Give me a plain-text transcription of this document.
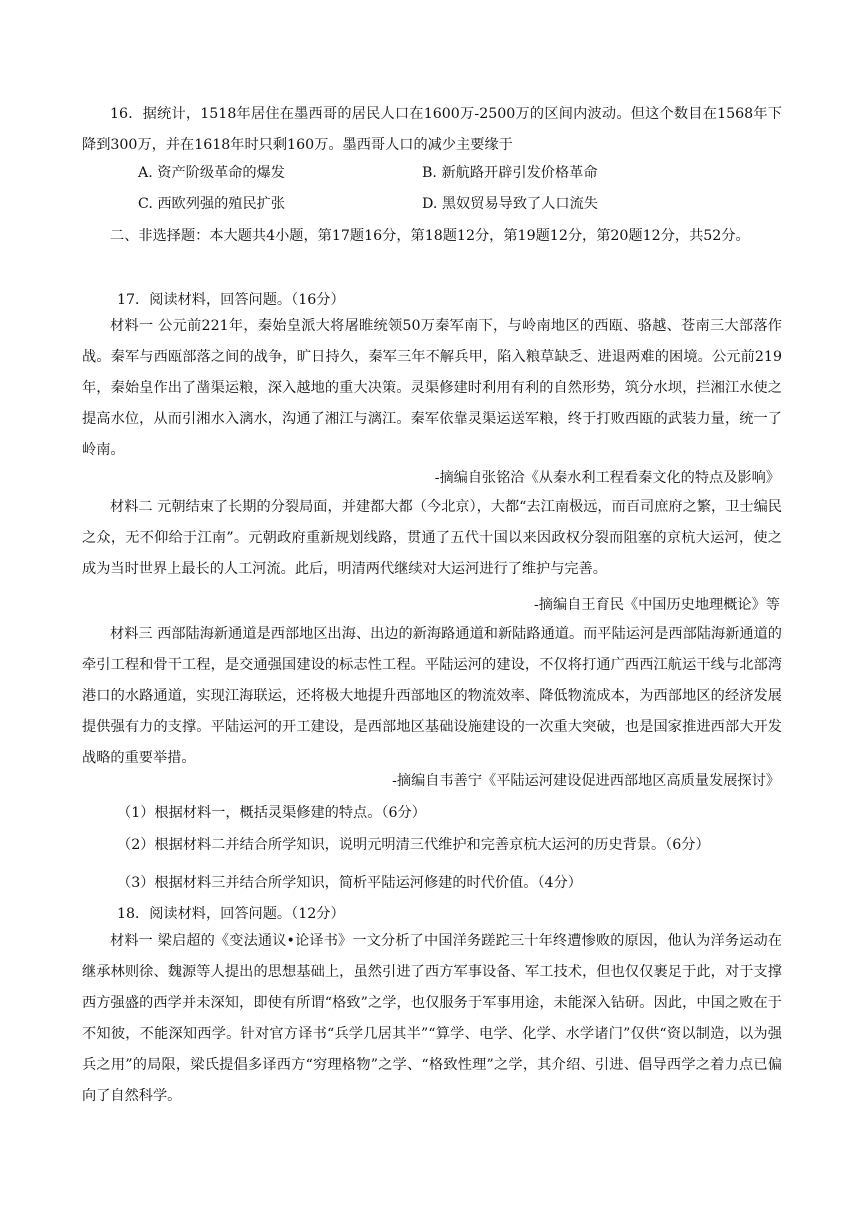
16．据统计，1518年居住在墨西哥的居民人口在1600万-2500万的区间内波动。但这个数目在1568年下降到300万，并在1618年时只剩160万。墨西哥人口的减少主要缘于

A. 资产阶级革命的爆发	B. 新航路开辟引发价格革命

C. 西欧列强的殖民扩张	D. 黑奴贸易导致了人口流失

二、非选择题：本大题共4小题，第17题16分，第18题12分，第19题12分，第20题12分，共52分。

17．阅读材料，回答问题。（16分）

材料一 公元前221年，秦始皇派大将屠睢统领50万秦军南下，与岭南地区的西瓯、骆越、苍南三大部落作战。秦军与西瓯部落之间的战争，旷日持久，秦军三年不解兵甲，陷入粮草缺乏、进退两难的困境。公元前219年，秦始皇作出了凿渠运粮，深入越地的重大决策。灵渠修建时利用有利的自然形势，筑分水坝，拦湘江水使之提高水位，从而引湘水入漓水，沟通了湘江与漓江。秦军依靠灵渠运送军粮，终于打败西瓯的武装力量，统一了岭南。

-摘编自张铭洽《从秦水利工程看秦文化的特点及影响》

材料二 元朝结束了长期的分裂局面，并建都大都（今北京），大都“去江南极远，而百司庶府之繁，卫士编民之众，无不仰给于江南”。元朝政府重新规划线路，贯通了五代十国以来因政权分裂而阻塞的京杭大运河，使之成为当时世界上最长的人工河流。此后，明清两代继续对大运河进行了维护与完善。

-摘编自王育民《中国历史地理概论》等

材料三 西部陆海新通道是西部地区出海、出边的新海路通道和新陆路通道。而平陆运河是西部陆海新通道的牵引工程和骨干工程，是交通强国建设的标志性工程。平陆运河的建设，不仅将打通广西西江航运干线与北部湾港口的水路通道，实现江海联运，还将极大地提升西部地区的物流效率、降低物流成本，为西部地区的经济发展提供强有力的支撑。平陆运河的开工建设，是西部地区基础设施建设的一次重大突破，也是国家推进西部大开发战略的重要举措。

-摘编自韦善宁《平陆运河建设促进西部地区高质量发展探讨》

（1）根据材料一，概括灵渠修建的特点。（6分）

（2）根据材料二并结合所学知识，说明元明清三代维护和完善京杭大运河的历史背景。（6分）

（3）根据材料三并结合所学知识，简析平陆运河修建的时代价值。（4分）

18．阅读材料，回答问题。（12分）

材料一 梁启超的《变法通议•论译书》一文分析了中国洋务蹉跎三十年终遭惨败的原因，他认为洋务运动在继承林则徐、魏源等人提出的思想基础上，虽然引进了西方军事设备、军工技术，但也仅仅裹足于此，对于支撑西方强盛的西学并未深知，即使有所谓“格致”之学，也仅服务于军事用途，未能深入钻研。因此，中国之败在于不知彼，不能深知西学。针对官方译书“兵学几居其半”“算学、电学、化学、水学诸门”仅供“资以制造，以为强兵之用”的局限，梁氏提倡多译西方“穷理格物”之学、“格致性理”之学，其介绍、引进、倡导西学之着力点已偏向了自然科学。
